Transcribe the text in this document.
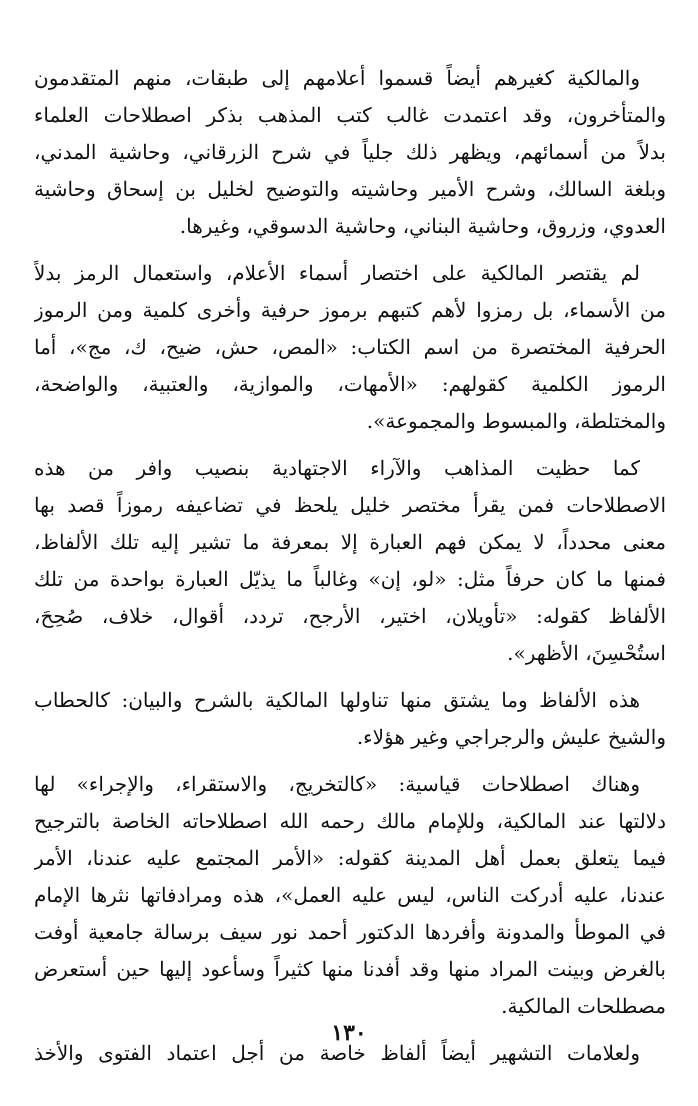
والمالكية كغيرهم أيضاً قسموا أعلامهم إلى طبقات، منهم المتقدمون
والمتأخرون، وقد اعتمدت غالب كتب المذهب بذكر اصطلاحات العلماء
بدلاً من أسمائهم، ويظهر ذلك جلياً في شرح الزرقاني، وحاشية المدني،
وبلغة السالك، وشرح الأمير وحاشيته والتوضيح لخليل بن إسحاق وحاشية
العدوي، وزروق، وحاشية البناني، وحاشية الدسوقي، وغيرها.
لم يقتصر المالكية على اختصار أسماء الأعلام، واستعمال الرمز بدلاً
من الأسماء، بل رمزوا لأهم كتبهم برموز حرفية وأخرى كلمية ومن الرموز
الحرفية المختصرة من اسم الكتاب: «المص، حش، ضيح، ك، مج»، أما
الرموز الكلمية كقولهم: «الأمهات، والموازية، والعتبية، والواضحة،
والمختلطة، والمبسوط والمجموعة».
كما حظيت المذاهب والآراء الاجتهادية بنصيب وافر من هذه
الاصطلاحات فمن يقرأ مختصر خليل يلحظ في تضاعيفه رموزاً قصد بها
معنى محدداً، لا يمكن فهم العبارة إلا بمعرفة ما تشير إليه تلك الألفاظ،
فمنها ما كان حرفاً مثل: «لو، إن» وغالباً ما يذيّل العبارة بواحدة من تلك
الألفاظ كقوله: «تأويلان، اختير، الأرجح، تردد، أقوال، خلاف، صُحِحَ،
استُحْسِنَ، الأظهر».
هذه الألفاظ وما يشتق منها تناولها المالكية بالشرح والبيان: كالحطاب
والشيخ عليش والرجراجي وغير هؤلاء.
وهناك اصطلاحات قياسية: «كالتخريج، والاستقراء، والإجراء» لها
دلالتها عند المالكية، وللإمام مالك رحمه الله اصطلاحاته الخاصة بالترجيح
فيما يتعلق بعمل أهل المدينة كقوله: «الأمر المجتمع عليه عندنا، الأمر
عندنا، عليه أدركت الناس، ليس عليه العمل»، هذه ومرادفاتها نثرها الإمام
في الموطأ والمدونة وأفردها الدكتور أحمد نور سيف برسالة جامعية أوفت
بالغرض وبينت المراد منها وقد أفدنا منها كثيراً وسأعود إليها حين أستعرض
مصطلحات المالكية.
ولعلامات التشهير أيضاً ألفاظ خاصة من أجل اعتماد الفتوى والأخذ
١٣٠
